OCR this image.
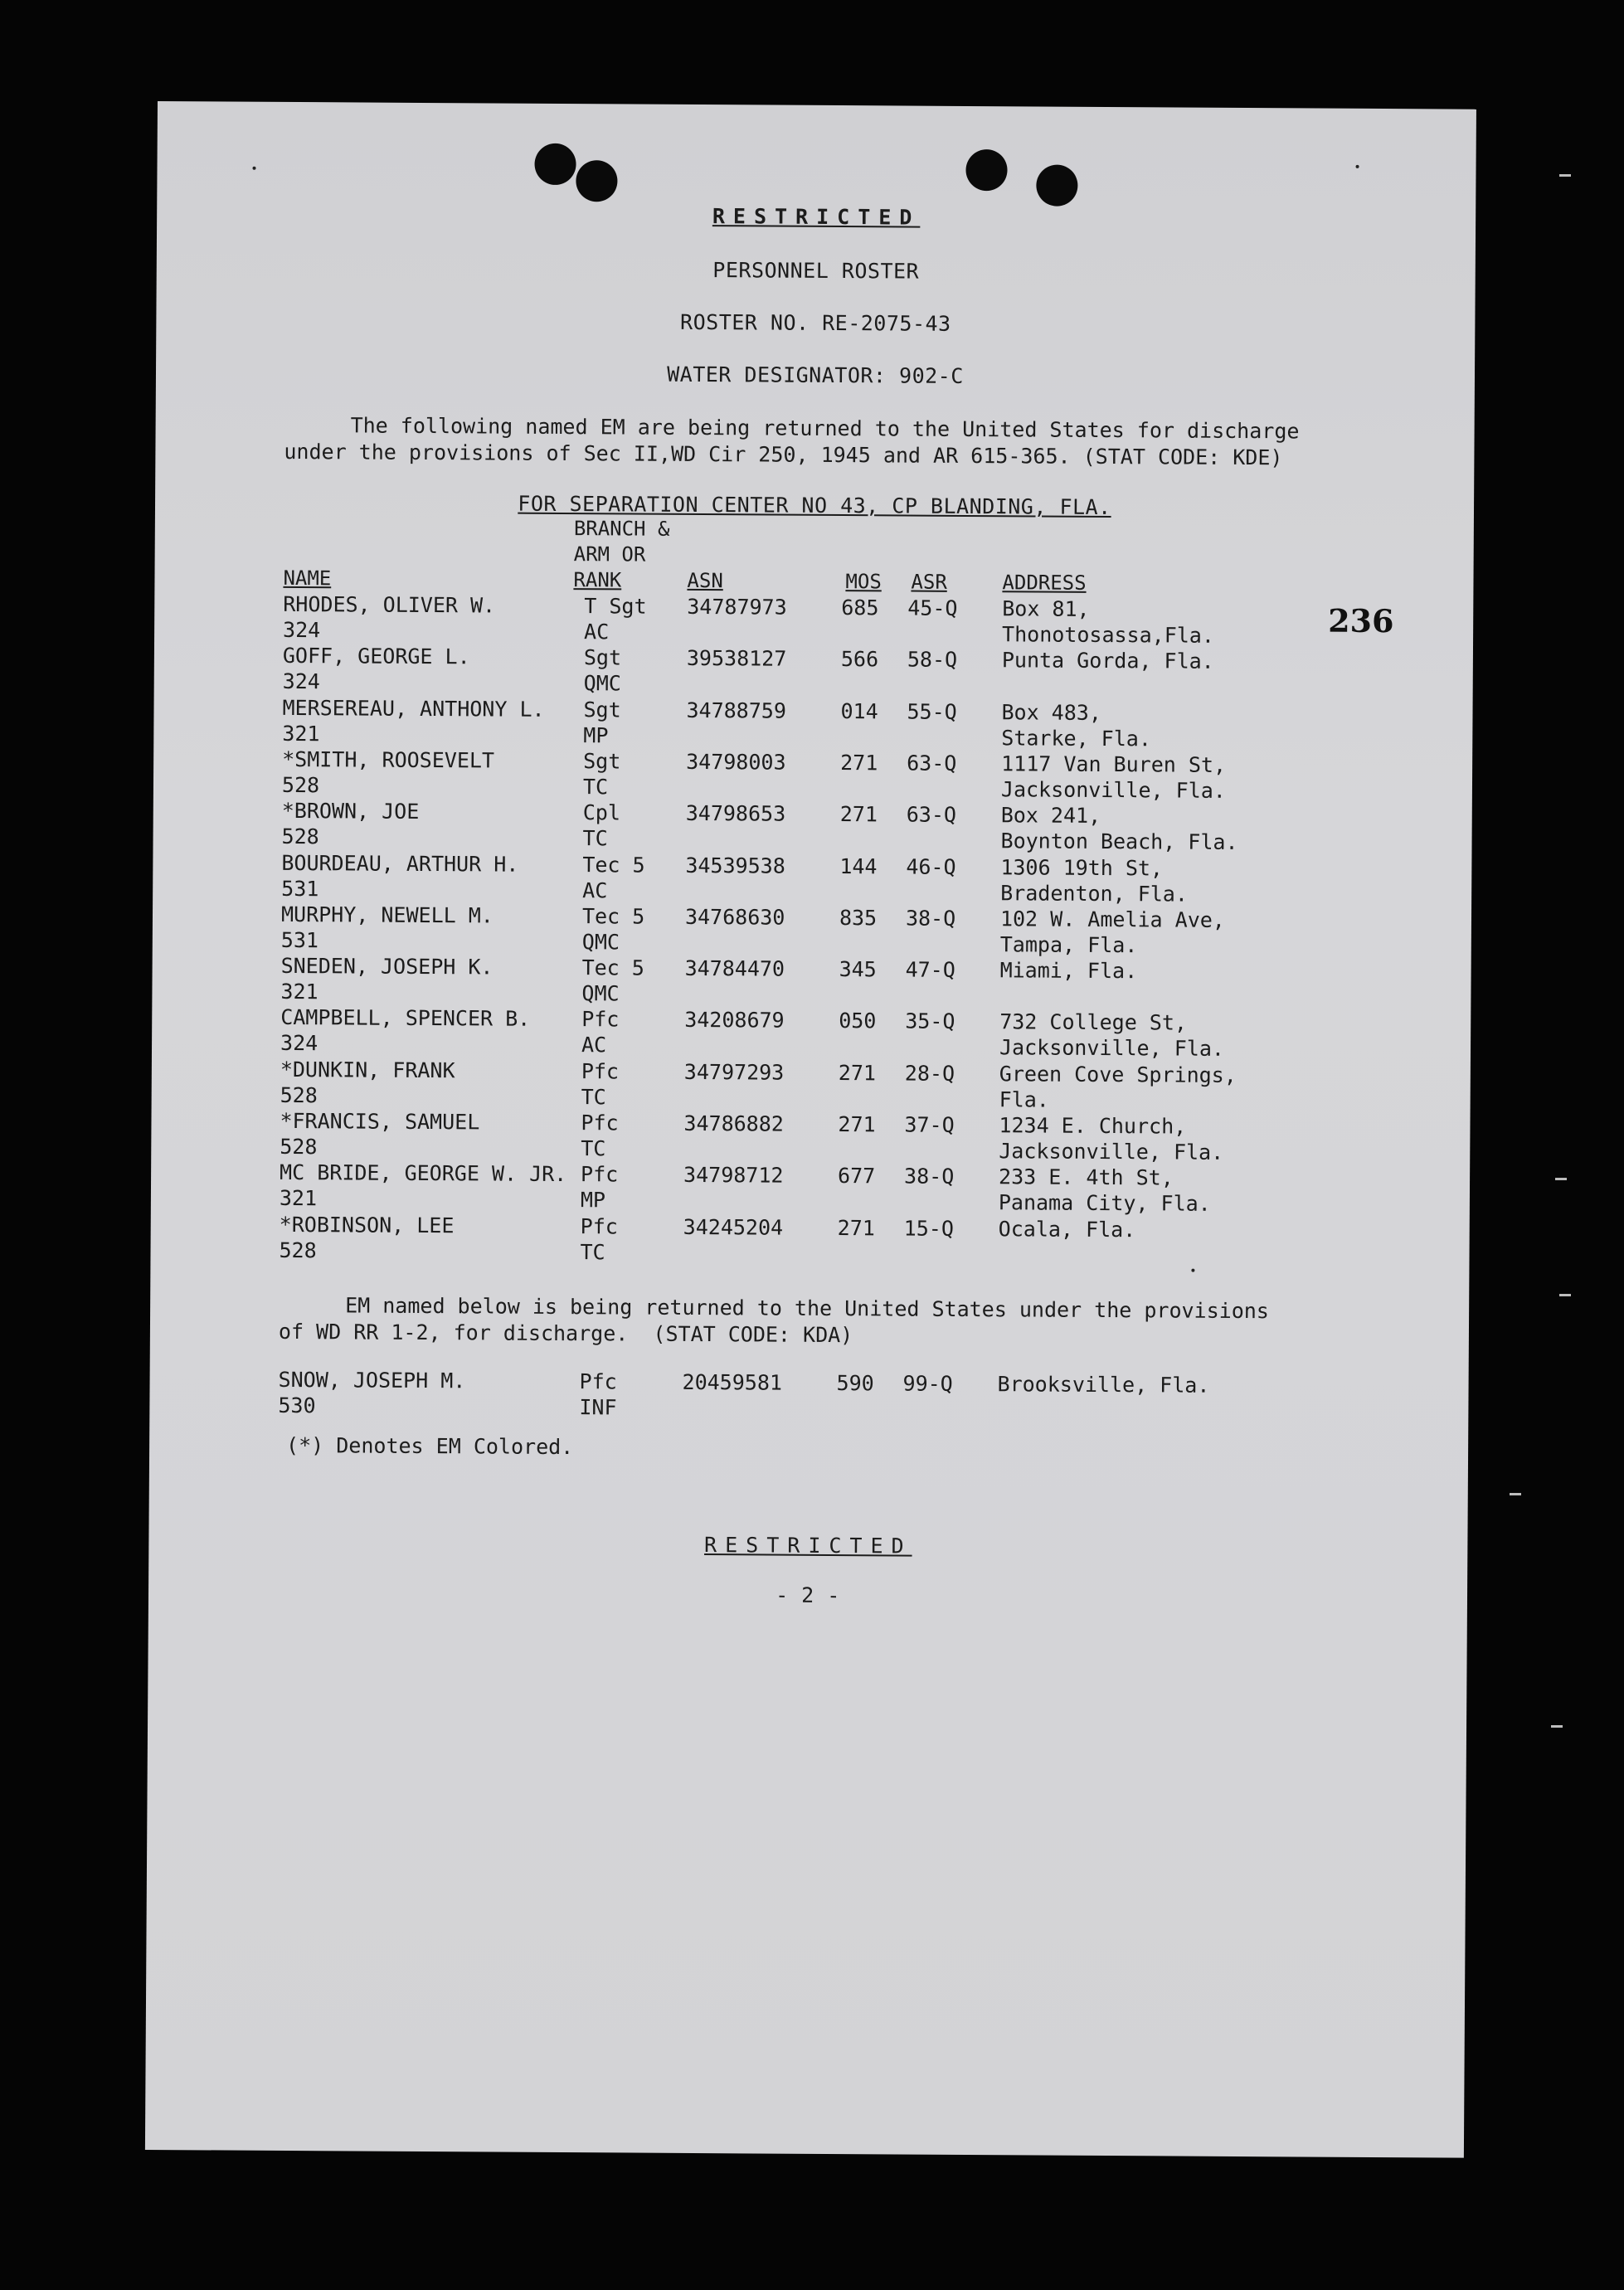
RESTRICTED
PERSONNEL ROSTER
ROSTER NO. RE-2075-43
WATER DESIGNATOR: 902-C
The following named EM are being returned to the United States for discharge
under the provisions of Sec II,WD Cir 250, 1945 and AR 615-365. (STAT CODE: KDE)
FOR SEPARATION CENTER NO 43, CP BLANDING, FLA.
BRANCH &
ARM OR
RANK
NAME	ASN	MOS ASR	ADDRESS
236
RHODES, OLIVER W.	T Sgt 34787973	685 45-Q Box 81,
324	AC	Thonotosassa,Fla.
GOFF, GEORGE L.	Sgt	39538127	566 58-Q Punta Gorda, Fla.
324	QMC
MERSEREAU, ANTHONY L. Sgt	34788759	014 55-Q Box 483,
321	MP	Starke, Fla.
*SMITH, ROOSEVELT	Sgt	34798003	271 63-Q 1117 Van Buren St,
528	TC	Jacksonville, Fla.
*BROWN, JOE	Cpl	34798653	271 63-Q Box 241,
528	TC	Boynton Beach, Fla.
BOURDEAU, ARTHUR H.	Tec 5 34539538	144 46-Q 1306 19th St,
531	AC	Bradenton, Fla.
MURPHY, NEWELL M.	Tec 5 34768630	835 38-Q 102 W. Amelia Ave,
531	QMC	Tampa, Fla.
SNEDEN, JOSEPH K.	Tec 5 34784470	345 47-Q Miami, Fla.
321	QMC
CAMPBELL, SPENCER B. Pfc	34208679	050 35-Q 732 College St,
324	AC	Jacksonville, Fla.
*DUNKIN, FRANK	Pfc	34797293	271 28-Q Green Cove Springs,
528	TC	Fla.
*FRANCIS, SAMUEL	Pfc	34786882	271 37-Q 1234 E. Church,
528	TC	Jacksonville, Fla.
MC BRIDE, GEORGE W. JR. Pfc	34798712	677 38-Q 233 E. 4th St,
321	MP	Panama City, Fla.
*ROBINSON, LEE	Pfc	34245204	271 15-Q Ocala, Fla.
528	TC
EM named below is being returned to the United States under the provisions
of WD RR 1-2, for discharge.  (STAT CODE: KDA)
SNOW, JOSEPH M.	Pfc	20459581	590 99-Q Brooksville, Fla.
530	INF
(*) Denotes EM Colored.
RESTRICTED
- 2 -
